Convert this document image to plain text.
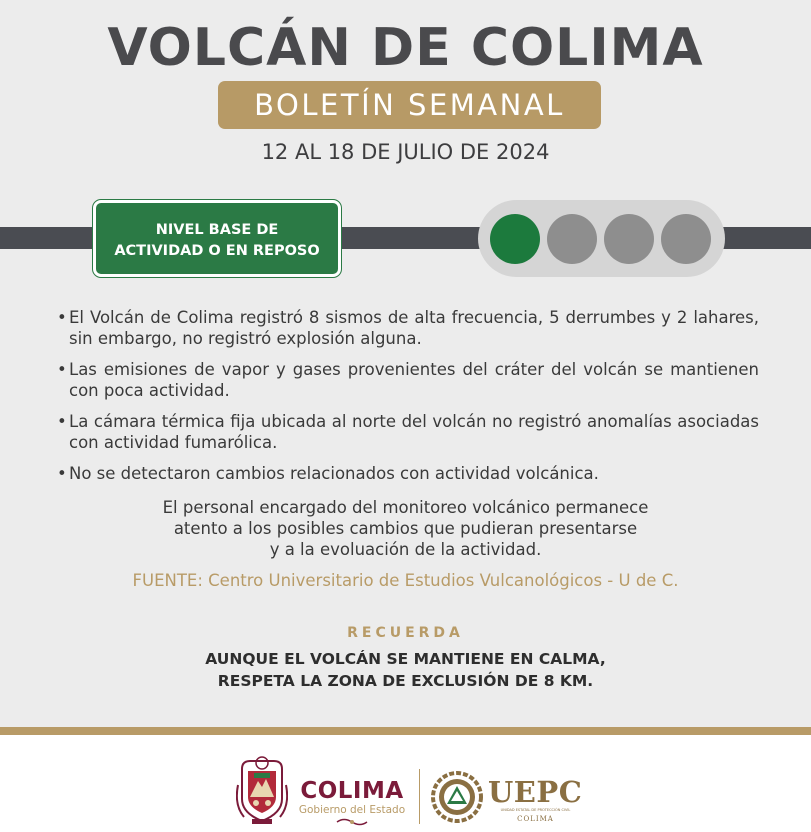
VOLCÁN DE COLIMA
BOLETÍN SEMANAL
12 AL 18 DE JULIO DE 2024
NIVEL BASE DE
ACTIVIDAD O EN REPOSO
• El Volcán de Colima registró 8 sismos de alta frecuencia, 5 derrumbes y 2 lahares, sin embargo, no registró explosión alguna.
• Las emisiones de vapor y gases provenientes del cráter del volcán se mantienen con poca actividad.
• La cámara térmica fija ubicada al norte del volcán no registró anomalías asociadas con actividad fumarólica.
• No se detectaron cambios relacionados con actividad volcánica.
El personal encargado del monitoreo volcánico permanece
atento a los posibles cambios que pudieran presentarse
y a la evoluación de la actividad.
FUENTE: Centro Universitario de Estudios Vulcanológicos - U de C.
RECUERDA
AUNQUE EL VOLCÁN SE MANTIENE EN CALMA,
RESPETA LA ZONA DE EXCLUSIÓN DE 8 KM.
COLIMA
Gobierno del Estado
UEPC
UNIDAD ESTATAL DE PROTECCIÓN CIVIL
COLIMA
